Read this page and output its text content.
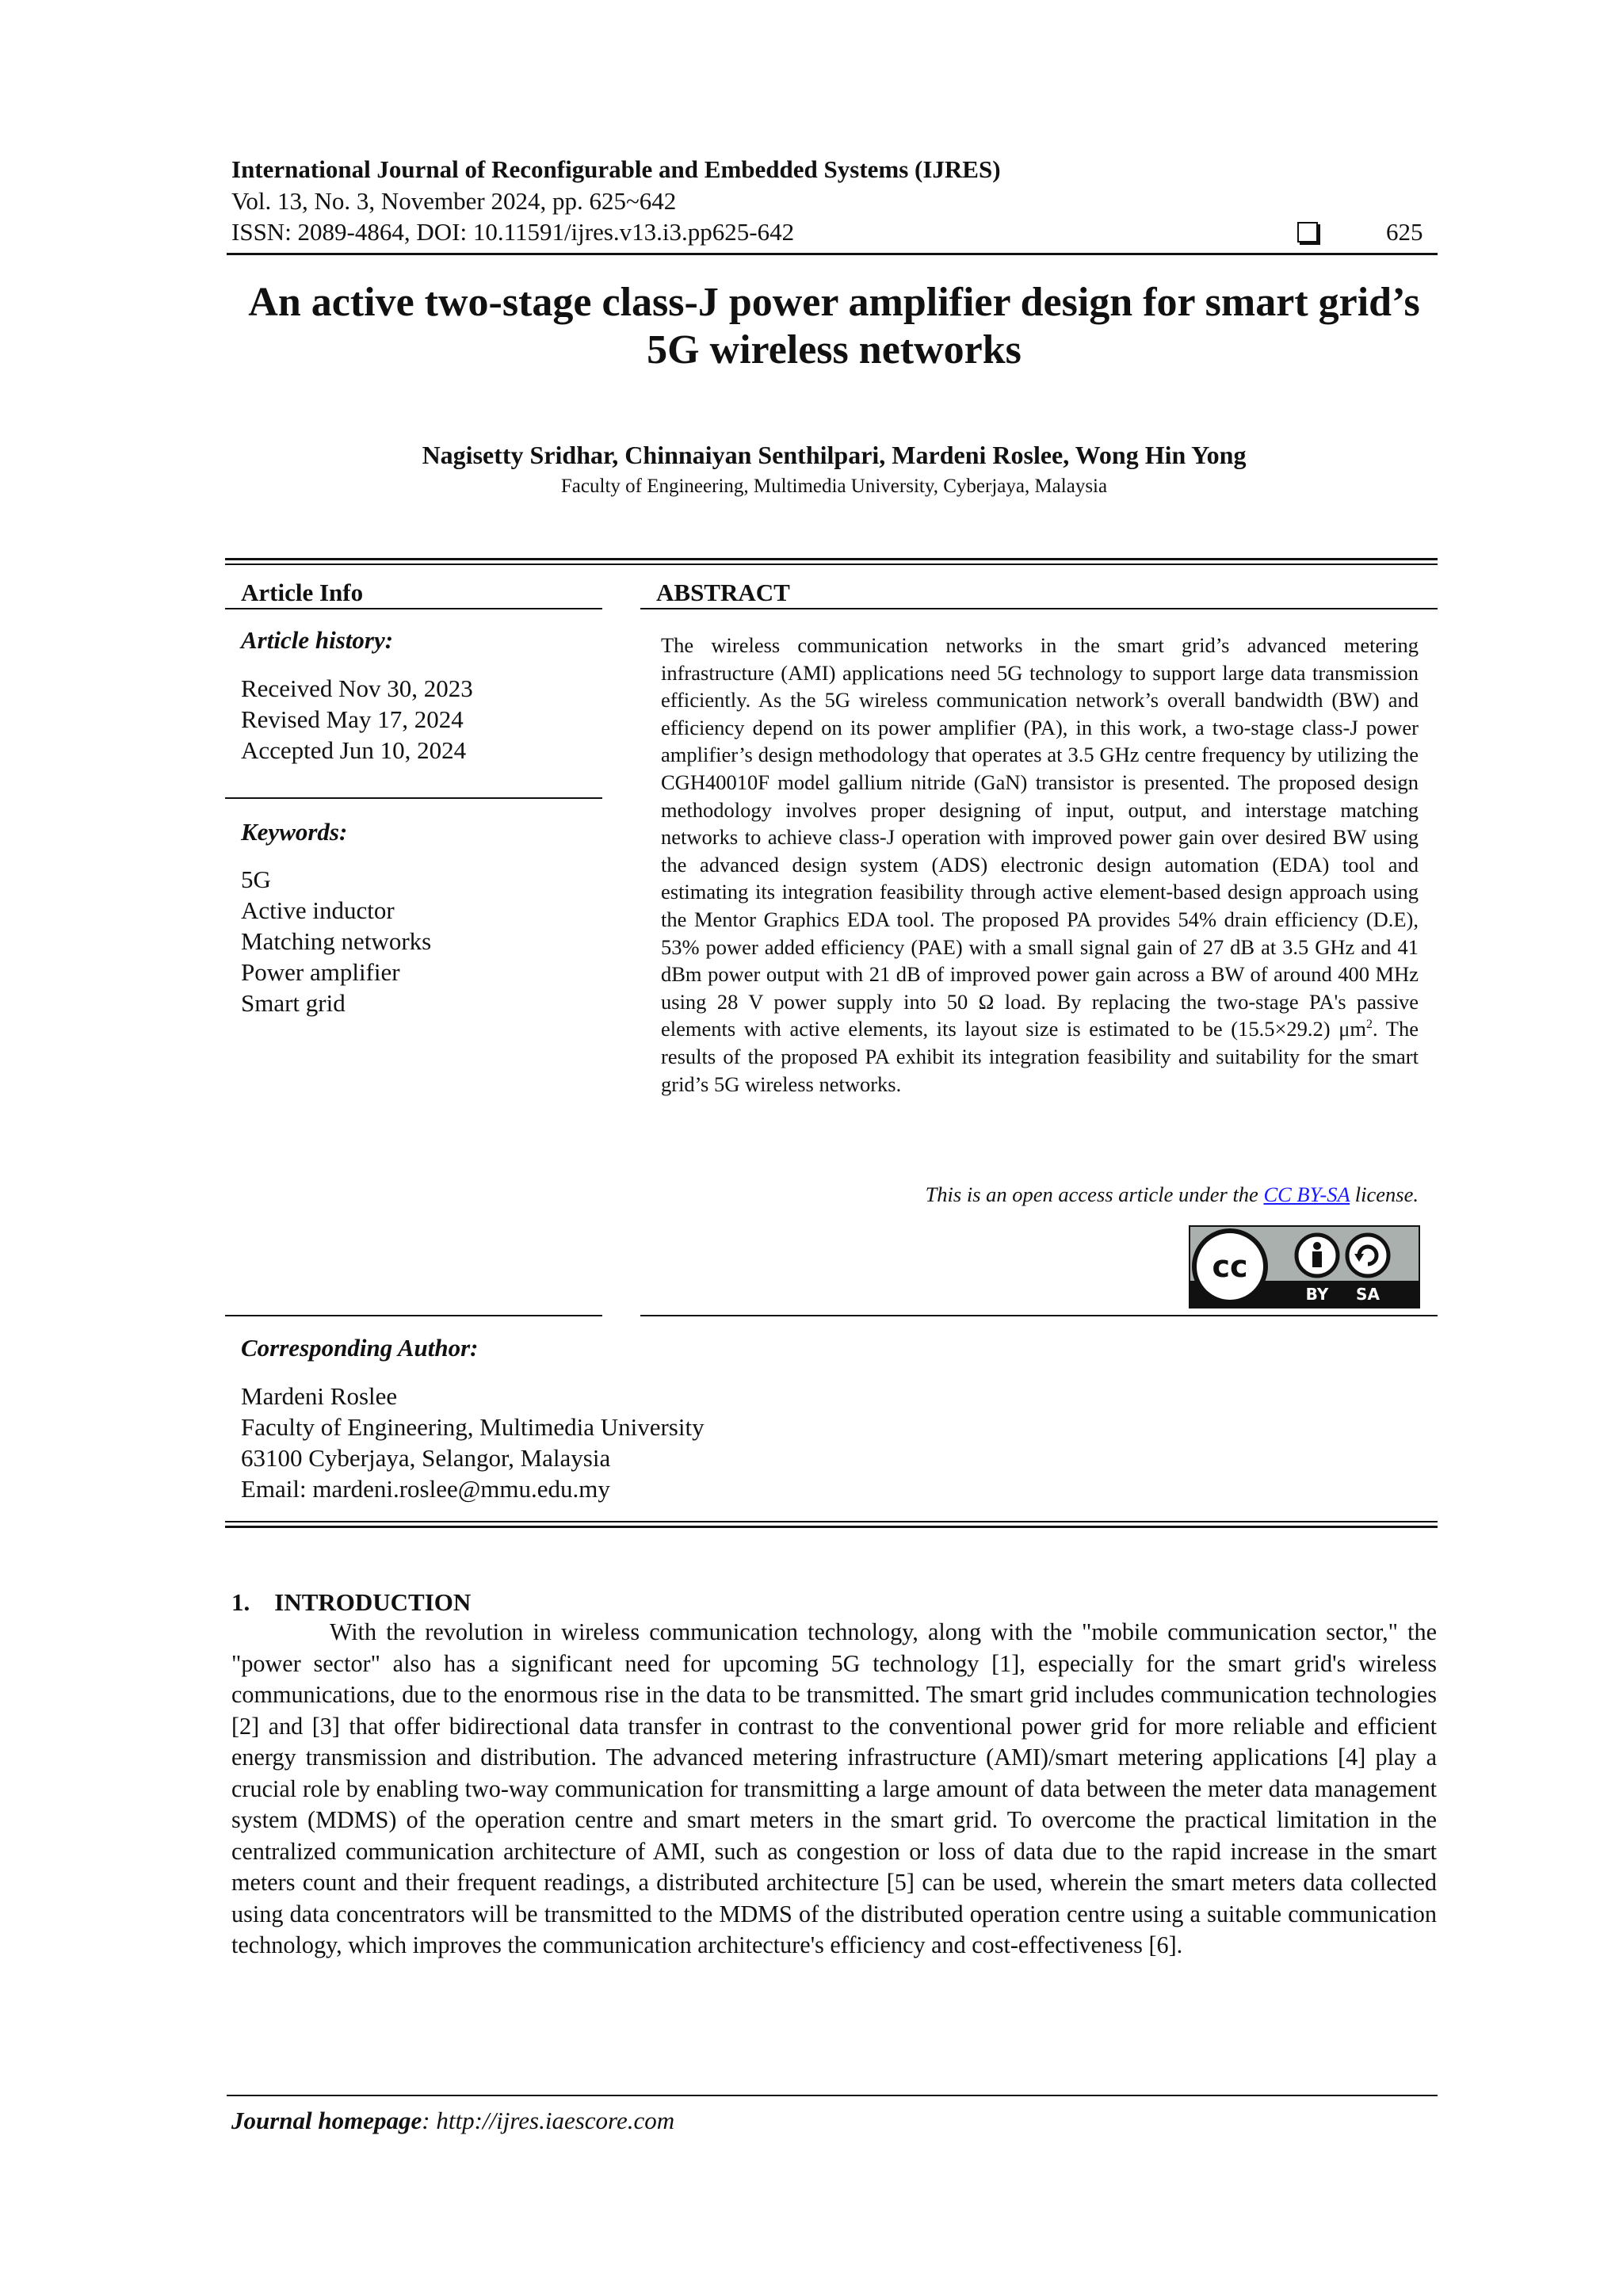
International Journal of Reconfigurable and Embedded Systems (IJRES)
Vol. 13, No. 3, November 2024, pp. 625~642
ISSN: 2089-4864, DOI: 10.11591/ijres.v13.i3.pp625-642	625
An active two-stage class-J power amplifier design for smart grid’s 5G wireless networks
Nagisetty Sridhar, Chinnaiyan Senthilpari, Mardeni Roslee, Wong Hin Yong
Faculty of Engineering, Multimedia University, Cyberjaya, Malaysia
Article Info
Article history:
Received Nov 30, 2023
Revised May 17, 2024
Accepted Jun 10, 2024
Keywords:
5G
Active inductor
Matching networks
Power amplifier
Smart grid
ABSTRACT
The wireless communication networks in the smart grid’s advanced metering infrastructure (AMI) applications need 5G technology to support large data transmission efficiently. As the 5G wireless communication network’s overall bandwidth (BW) and efficiency depend on its power amplifier (PA), in this work, a two-stage class-J power amplifier’s design methodology that operates at 3.5 GHz centre frequency by utilizing the CGH40010F model gallium nitride (GaN) transistor is presented. The proposed design methodology involves proper designing of input, output, and interstage matching networks to achieve class-J operation with improved power gain over desired BW using the advanced design system (ADS) electronic design automation (EDA) tool and estimating its integration feasibility through active element-based design approach using the Mentor Graphics EDA tool. The proposed PA provides 54% drain efficiency (D.E), 53% power added efficiency (PAE) with a small signal gain of 27 dB at 3.5 GHz and 41 dBm power output with 21 dB of improved power gain across a BW of around 400 MHz using 28 V power supply into 50 Ω load. By replacing the two-stage PA's passive elements with active elements, its layout size is estimated to be (15.5×29.2) $\mu m^2$. The results of the proposed PA exhibit its integration feasibility and suitability for the smart grid’s 5G wireless networks.
This is an open access article under the CC BY-SA license.
cc
BY SA
Corresponding Author:
Mardeni Roslee
Faculty of Engineering, Multimedia University
63100 Cyberjaya, Selangor, Malaysia
Email: mardeni.roslee@mmu.edu.my
1.    INTRODUCTION
With the revolution in wireless communication technology, along with the "mobile communication sector," the "power sector" also has a significant need for upcoming 5G technology [1], especially for the smart grid's wireless communications, due to the enormous rise in the data to be transmitted. The smart grid includes communication technologies [2] and [3] that offer bidirectional data transfer in contrast to the conventional power grid for more reliable and efficient energy transmission and distribution. The advanced metering infrastructure (AMI)/smart metering applications [4] play a crucial role by enabling two-way communication for transmitting a large amount of data between the meter data management system (MDMS) of the operation centre and smart meters in the smart grid. To overcome the practical limitation in the centralized communication architecture of AMI, such as congestion or loss of data due to the rapid increase in the smart meters count and their frequent readings, a distributed architecture [5] can be used, wherein the smart meters data collected using data concentrators will be transmitted to the MDMS of the distributed operation centre using a suitable communication technology, which improves the communication architecture's efficiency and cost-effectiveness [6].
Journal homepage: http://ijres.iaescore.com
